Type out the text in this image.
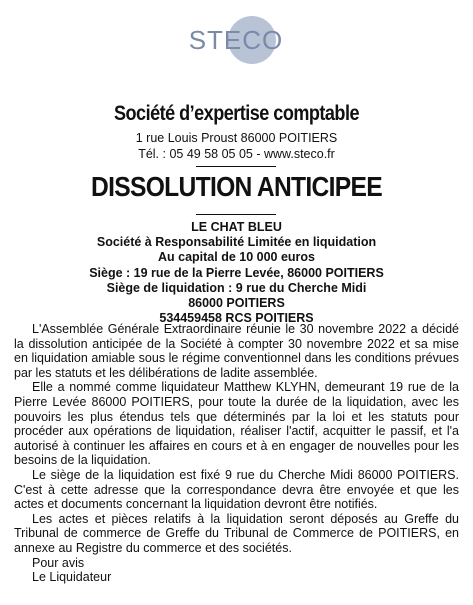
STECO
Société d’expertise comptable
1 rue Louis Proust 86000 POITIERS
Tél. : 05 49 58 05 05 - www.steco.fr
DISSOLUTION ANTICIPEE
LE CHAT BLEU
Société à Responsabilité Limitée en liquidation
Au capital de 10 000 euros
Siège : 19 rue de la Pierre Levée, 86000 POITIERS
Siège de liquidation : 9 rue du Cherche Midi
86000 POITIERS
534459458 RCS POITIERS

L'Assemblée Générale Extraordinaire réunie le 30 novembre 2022 a décidé la dissolution anticipée de la Société à compter 30 novembre 2022 et sa mise en liquidation amiable sous le régime conventionnel dans les conditions prévues par les statuts et les délibérations de ladite assemblée.

Elle a nommé comme liquidateur Matthew KLYHN, demeurant 19 rue de la Pierre Levée 86000 POITIERS, pour toute la durée de la liquidation, avec les pouvoirs les plus étendus tels que déterminés par la loi et les statuts pour procéder aux opérations de liquidation, réaliser l'actif, acquitter le passif, et l'a autorisé à continuer les affaires en cours et à en engager de nouvelles pour les besoins de la liquidation.

Le siège de la liquidation est fixé 9 rue du Cherche Midi 86000 POITIERS. C'est à cette adresse que la correspondance devra être envoyée et que les actes et documents concernant la liquidation devront être notifiés.

Les actes et pièces relatifs à la liquidation seront déposés au Greffe du Tribunal de commerce de Greffe du Tribunal de Commerce de POITIERS, en annexe au Registre du commerce et des sociétés.

Pour avis

Le Liquidateur
